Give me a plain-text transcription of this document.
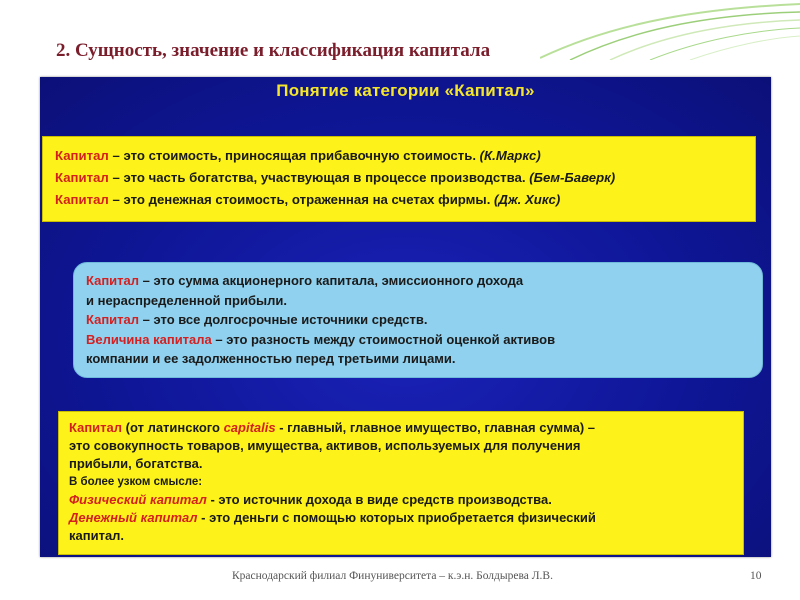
2. Сущность, значение и классификация капитала
Понятие категории «Капитал»
Капитал – это стоимость, приносящая прибавочную стоимость. (К.Маркс)
Капитал – это часть богатства, участвующая в процессе производства. (Бем-Баверк)
Капитал – это денежная стоимость, отраженная на счетах фирмы. (Дж. Хикс)
Капитал – это сумма акционерного капитала, эмиссионного дохода
и нераспределенной прибыли.
Капитал – это все долгосрочные источники средств.
Величина капитала – это разность между стоимостной оценкой активов
компании и ее задолженностью перед третьими лицами.
Капитал (от латинского capitalis - главный, главное имущество, главная сумма) –
это совокупность товаров, имущества, активов, используемых для получения
прибыли, богатства.
В более узком смысле:
Физический капитал - это источник дохода в виде средств производства.
Денежный капитал - это деньги с помощью которых приобретается физический
капитал.
Краснодарский филиал Финуниверситета – к.э.н. Болдырева Л.В.	10
